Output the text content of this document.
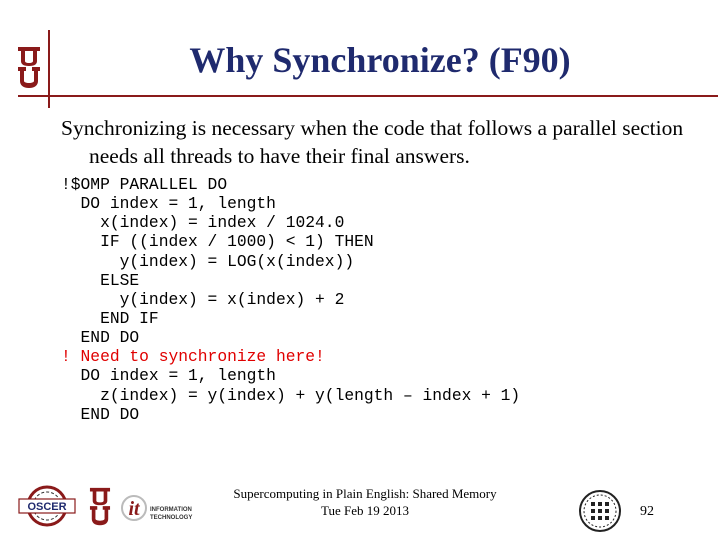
Why Synchronize? (F90)
Synchronizing is necessary when the code that follows a parallel section needs all threads to have their final answers.
!$OMP PARALLEL DO
DO index = 1, length
x(index) = index / 1024.0
IF ((index / 1000) < 1) THEN
y(index) = LOG(x(index))
ELSE
y(index) = x(index) + 2
END IF
END DO
! Need to synchronize here!
DO index = 1, length
z(index) = y(index) + y(length – index + 1)
END DO
OSCER	it INFORMATION
TECHNOLOGY
Supercomputing in Plain English: Shared Memory
Tue Feb 19 2013	92
